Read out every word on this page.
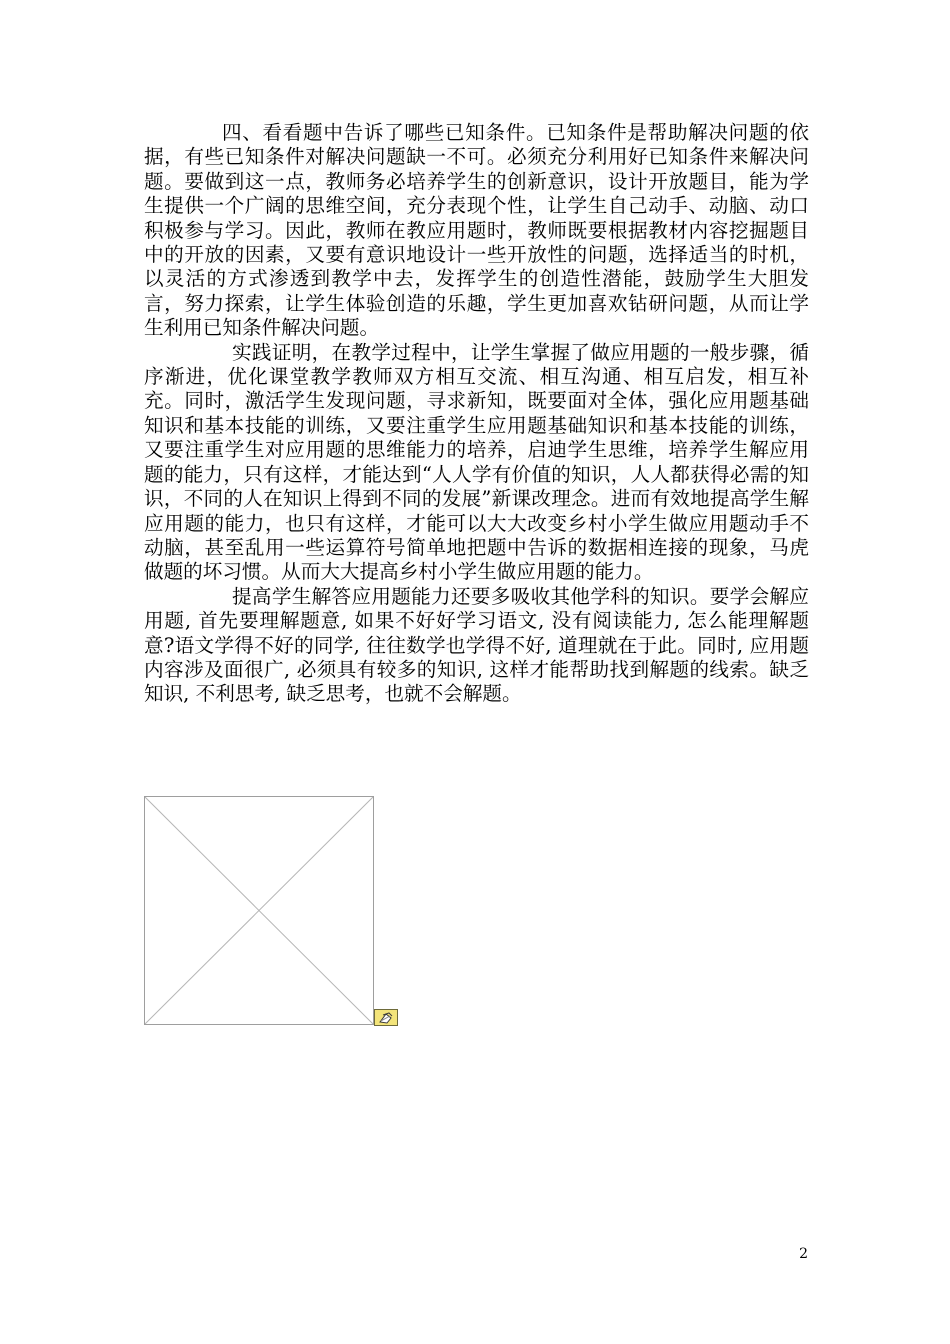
四、看看题中告诉了哪些已知条件。已知条件是帮助解决问题的依据，有些已知条件对解决问题缺一不可。必须充分利用好已知条件来解决问题。要做到这一点，教师务必培养学生的创新意识，设计开放题目，能为学生提供一个广阔的思维空间，充分表现个性，让学生自己动手、动脑、动口积极参与学习。因此，教师在教应用题时，教师既要根据教材内容挖掘题目中的开放的因素，又要有意识地设计一些开放性的问题，选择适当的时机，以灵活的方式渗透到教学中去，发挥学生的创造性潜能，鼓励学生大胆发言，努力探索，让学生体验创造的乐趣，学生更加喜欢钻研问题，从而让学生利用已知条件解决问题。

实践证明，在教学过程中，让学生掌握了做应用题的一般步骤，循序渐进，优化课堂教学教师双方相互交流、相互沟通、相互启发，相互补充。同时，激活学生发现问题，寻求新知，既要面对全体，强化应用题基础知识和基本技能的训练，又要注重学生应用题基础知识和基本技能的训练，又要注重学生对应用题的思维能力的培养，启迪学生思维，培养学生解应用题的能力，只有这样，才能达到“人人学有价值的知识，人人都获得必需的知识，不同的人在知识上得到不同的发展”新课改理念。进而有效地提高学生解应用题的能力，也只有这样，才能可以大大改变乡村小学生做应用题动手不动脑，甚至乱用一些运算符号简单地把题中告诉的数据相连接的现象，马虎做题的坏习惯。从而大大提高乡村小学生做应用题的能力。

提高学生解答应用题能力还要多吸收其他学科的知识。要学会解应用题, 首先要理解题意, 如果不好好学习语文, 没有阅读能力, 怎么能理解题意?语文学得不好的同学, 往往数学也学得不好, 道理就在于此。同时, 应用题内容涉及面很广, 必须具有较多的知识, 这样才能帮助找到解题的线索。缺乏知识, 不利思考, 缺乏思考，也就不会解题。

2
